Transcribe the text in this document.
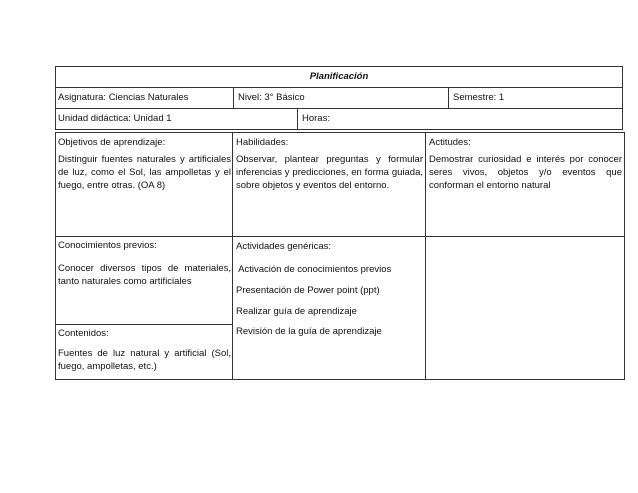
Planificación
Asignatura: Ciencias Naturales	Nivel: 3° Básico	Semestre: 1
Unidad didáctica: Unidad 1	Horas:
Objetivos de aprendizaje:
Distinguir fuentes naturales y artificiales de luz, como el Sol, las ampolletas y el fuego, entre otras. (OA 8)
Habilidades:
Observar, plantear preguntas y formular inferencias y predicciones, en forma guiada, sobre objetos y eventos del entorno.
Actitudes:
Demostrar curiosidad e interés por conocer seres vivos, objetos y/o eventos que conforman el entorno natural
Conocimientos previos:
Conocer diversos tipos de materiales, tanto naturales como artificiales
Contenidos:
Fuentes de luz natural y artificial (Sol, fuego, ampolletas, etc.)
Actividades genéricas:
Activación de conocimientos previos
Presentación de Power point (ppt)
Realizar guía de aprendizaje
Revisión de la guía de aprendizaje
